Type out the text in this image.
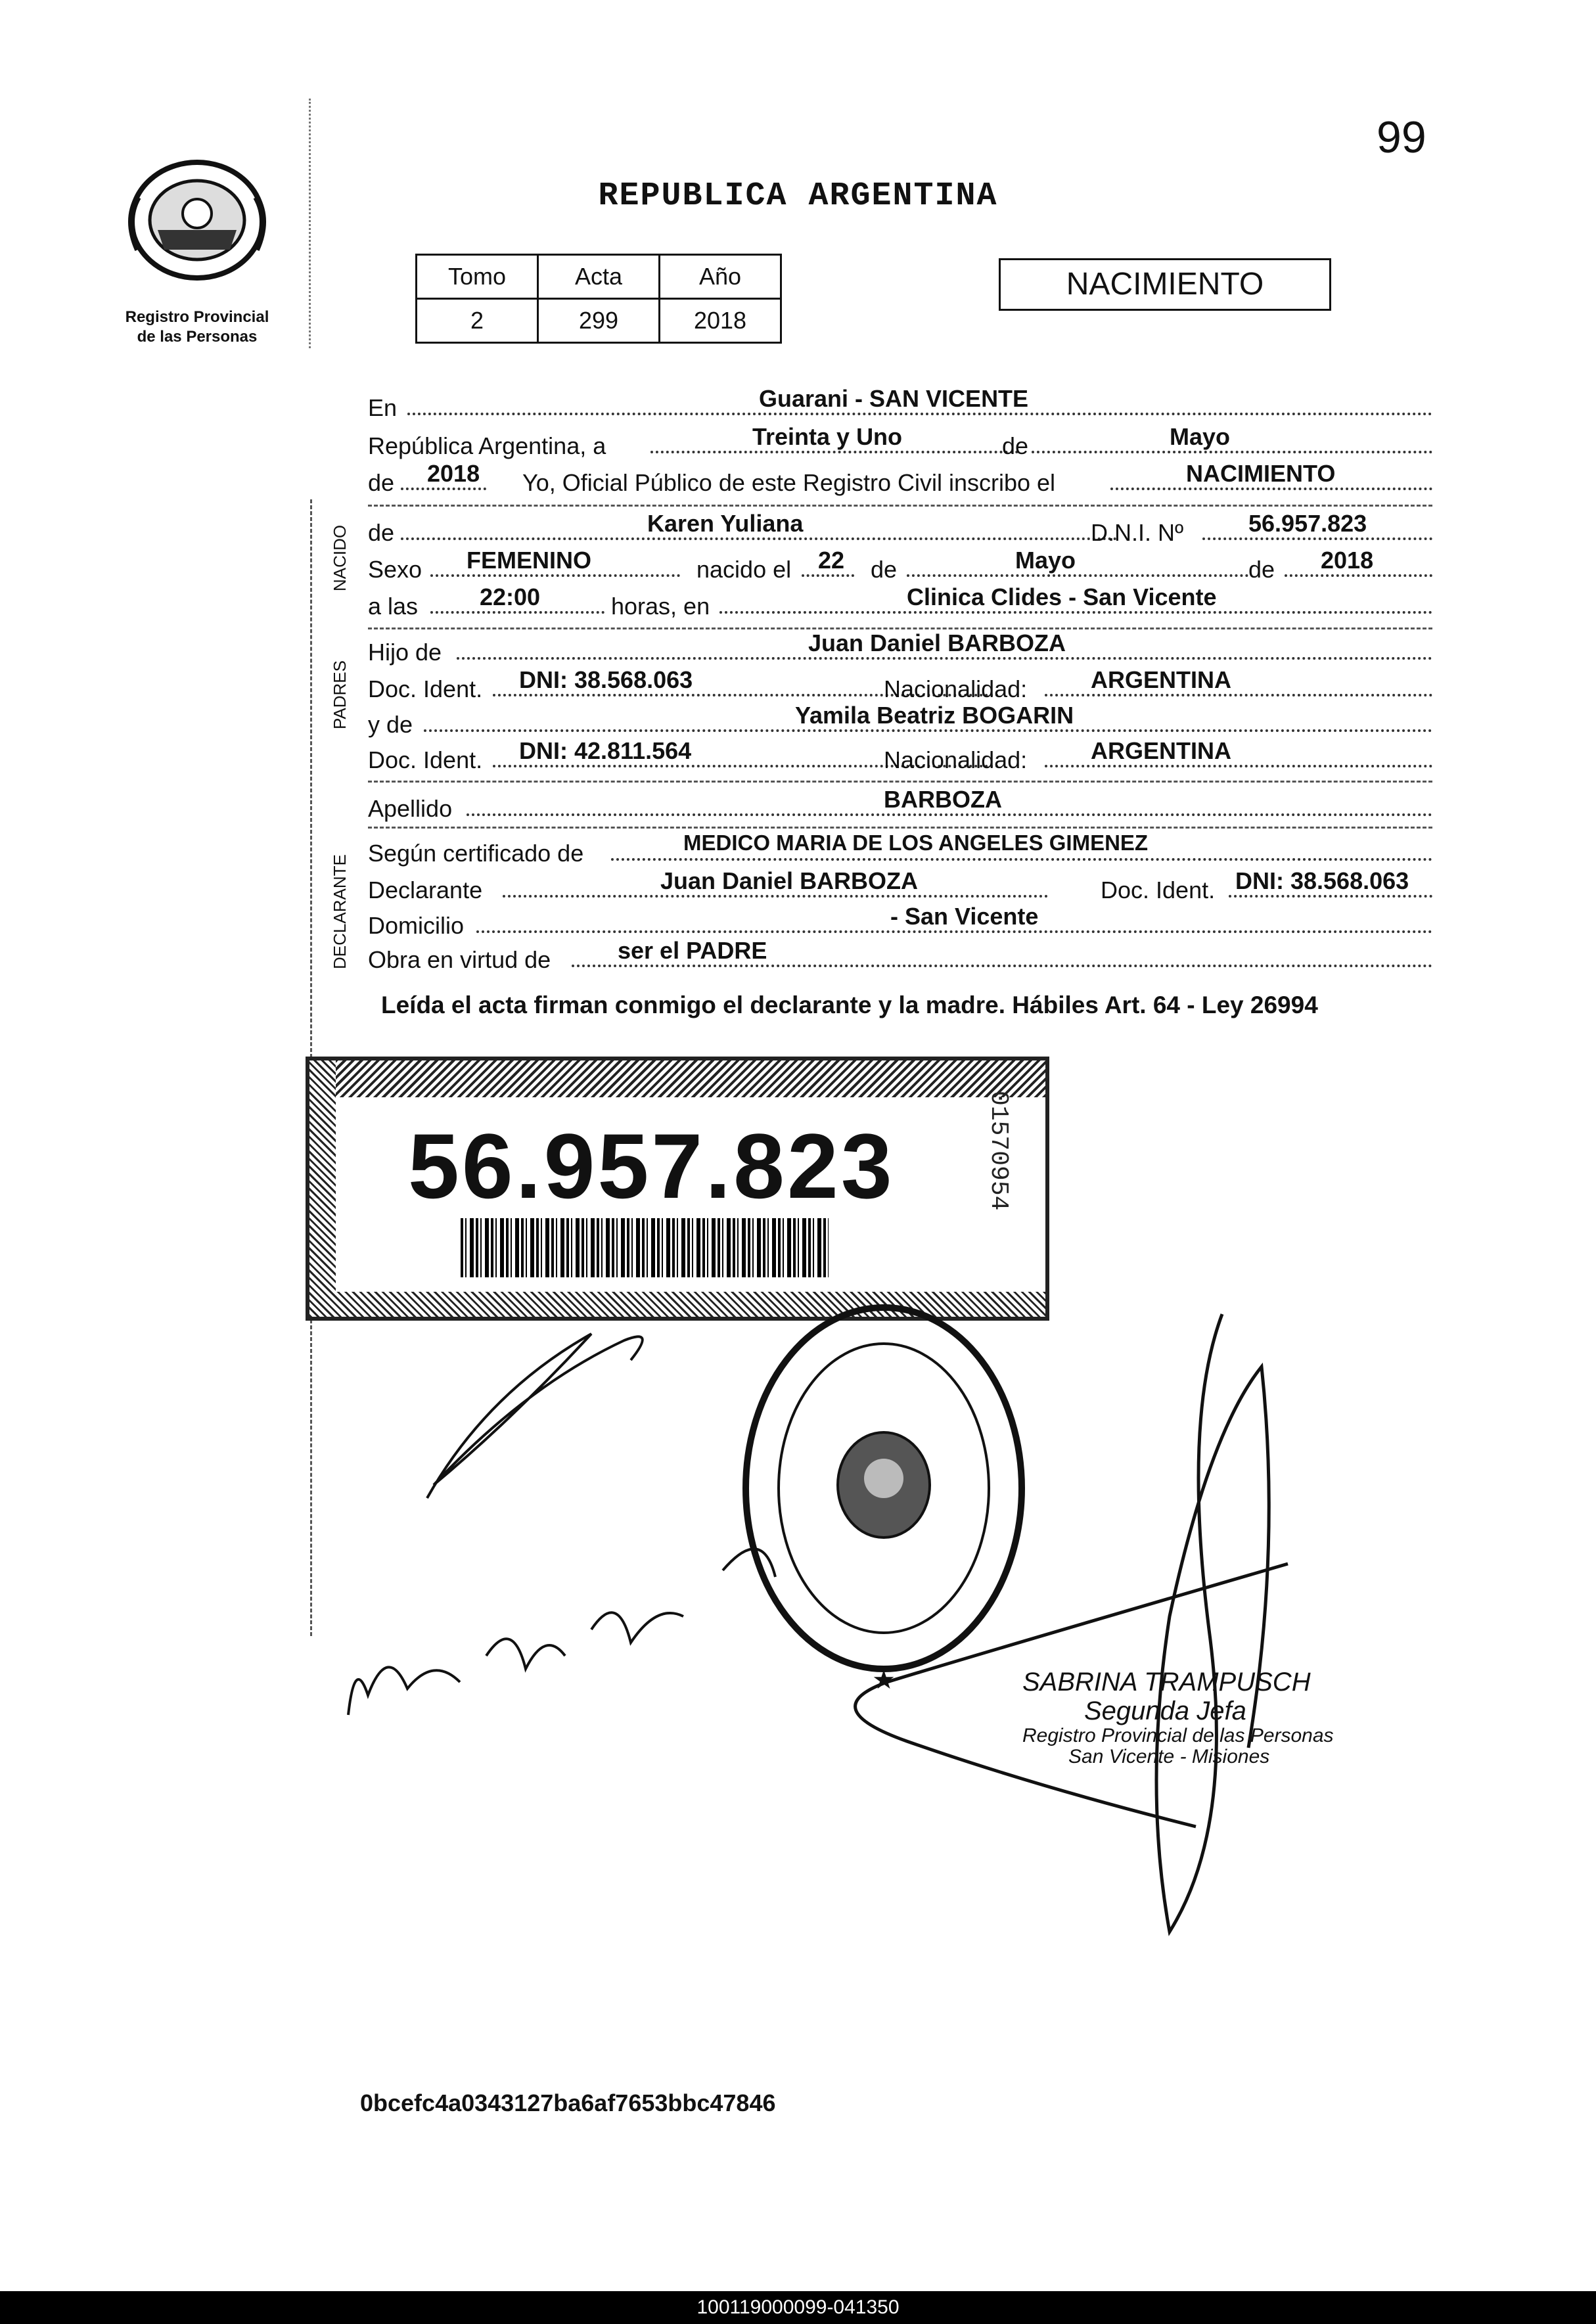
99
Registro Provincial
de las Personas
REPUBLICA ARGENTINA
Tomo	Acta	Año
2	299	2018
NACIMIENTO
NACIDO
PADRES
DECLARANTE
En	Guarani - SAN VICENTE
República Argentina, a	Treinta y Uno	de	Mayo
de 2018 Yo, Oficial Público de este Registro Civil inscribo el	NACIMIENTO
de	Karen Yuliana	D.N.I. Nº	56.957.823
Sexo FEMENINO	nacido el 22 de	Mayo	de 2018
a las	22:00	horas, en	Clinica Clides - San Vicente
Hijo de	Juan Daniel BARBOZA
Doc. Ident. DNI: 38.568.063	Nacionalidad:	ARGENTINA
y de	Yamila Beatriz BOGARIN
Doc. Ident. DNI: 42.811.564	Nacionalidad:	ARGENTINA
Apellido	BARBOZA
Según certificado de	MEDICO MARIA DE LOS ANGELES GIMENEZ
Declarante	Juan Daniel BARBOZA	Doc. Ident. DNI: 38.568.063
Domicilio	- San Vicente
Obra en virtud de	ser el PADRE
Leída el acta firman conmigo el declarante y la madre. Hábiles Art. 64 - Ley 26994
56.957.823	01570954
★	SABRINA TRAMPUSCH
Segunda Jefa
Registro Provincial de las Personas
San Vicente - Misiones
0bcefc4a0343127ba6af7653bbc47846
100119000099-041350
